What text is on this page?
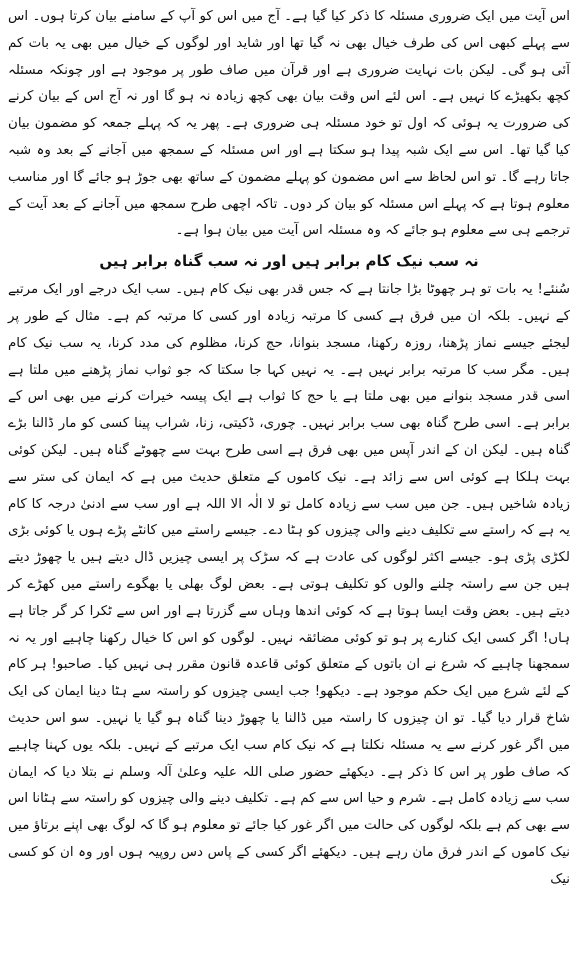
اس آیت میں ایک ضروری مسئلہ کا ذکر کیا گیا ہے۔ آج میں اس کو آپ کے سامنے بیان کرتا ہوں۔ اس سے پہلے کبھی اس کی طرف خیال بھی نہ گیا تھا اور شاید اور لوگوں کے خیال میں بھی یہ بات کم آئی ہو گی۔ لیکن بات نہایت ضروری ہے اور قرآن میں صاف طور پر موجود ہے اور چونکہ مسئلہ کچھ بکھیڑے کا نہیں ہے۔ اس لئے اس وقت بیان بھی کچھ زیادہ نہ ہو گا اور نہ آج اس کے بیان کرنے کی ضرورت یہ ہوئی کہ اول تو خود مسئلہ ہی ضروری ہے۔ پھر یہ کہ پہلے جمعہ کو مضمون بیان کیا گیا تھا۔ اس سے ایک شبہ پیدا ہو سکتا ہے اور اس مسئلہ کے سمجھ میں آجانے کے بعد وہ شبہ جاتا رہے گا۔ تو اس لحاظ سے اس مضمون کو پہلے مضمون کے ساتھ بھی جوڑ ہو جائے گا اور مناسب معلوم ہوتا ہے کہ پہلے اس مسئلہ کو بیان کر دوں۔ تاکہ اچھی طرح سمجھ میں آجانے کے بعد آیت کے ترجمے ہی سے معلوم ہو جائے کہ وہ مسئلہ اس آیت میں بیان ہوا ہے۔

نہ سب نیک کام برابر ہیں اور نہ سب گناہ برابر ہیں

سُنئے! یہ بات تو ہر چھوٹا بڑا جانتا ہے کہ جس قدر بھی نیک کام ہیں۔ سب ایک درجے اور ایک مرتبے کے نہیں۔ بلکہ ان میں فرق ہے کسی کا مرتبہ زیادہ اور کسی کا مرتبہ کم ہے۔ مثال کے طور پر لیجئے جیسے نماز پڑھنا، روزہ رکھنا، مسجد بنوانا، حج کرنا، مظلوم کی مدد کرنا، یہ سب نیک کام ہیں۔ مگر سب کا مرتبہ برابر نہیں ہے۔ یہ نہیں کہا جا سکتا کہ جو ثواب نماز پڑھنے میں ملتا ہے اسی قدر مسجد بنوانے میں بھی ملتا ہے یا حج کا ثواب ہے ایک پیسہ خیرات کرنے میں بھی اس کے برابر ہے۔ اسی طرح گناہ بھی سب برابر نہیں۔ چوری، ڈکیتی، زنا، شراب پینا کسی کو مار ڈالنا بڑے گناہ ہیں۔ لیکن ان کے اندر آپس میں بھی فرق ہے اسی طرح بہت سے چھوٹے گناہ ہیں۔ لیکن کوئی بہت ہلکا ہے کوئی اس سے زائد ہے۔ نیک کاموں کے متعلق حدیث میں ہے کہ ایمان کی ستر سے زیادہ شاخیں ہیں۔ جن میں سب سے زیادہ کامل تو لا الٰہ الا اللہ ہے اور سب سے ادنیٰ درجہ کا کام یہ ہے کہ راستے سے تکلیف دینے والی چیزوں کو ہٹا دے۔ جیسے راستے میں کانٹے پڑے ہوں یا کوئی بڑی لکڑی پڑی ہو۔ جیسے اکثر لوگوں کی عادت ہے کہ سڑک پر ایسی چیزیں ڈال دیتے ہیں یا چھوڑ دیتے ہیں جن سے راستہ چلنے والوں کو تکلیف ہوتی ہے۔ بعض لوگ بھلی یا بھگوے راستے میں کھڑے کر دیتے ہیں۔ بعض وقت ایسا ہوتا ہے کہ کوئی اندھا وہاں سے گزرتا ہے اور اس سے ٹکرا کر گر جاتا ہے ہاں! اگر کسی ایک کنارے پر ہو تو کوئی مضائقہ نہیں۔ لوگوں کو اس کا خیال رکھنا چاہیے اور یہ نہ سمجھنا چاہیے کہ شرع نے ان باتوں کے متعلق کوئی قاعدہ قانون مقرر ہی نہیں کیا۔ صاحبو! ہر کام کے لئے شرع میں ایک حکم موجود ہے۔ دیکھو! جب ایسی چیزوں کو راستہ سے ہٹا دینا ایمان کی ایک شاخ قرار دیا گیا۔ تو ان چیزوں کا راستہ میں ڈالنا یا چھوڑ دینا گناہ ہو گیا یا نہیں۔ سو اس حدیث میں اگر غور کرنے سے یہ مسئلہ نکلتا ہے کہ نیک کام سب ایک مرتبے کے نہیں۔ بلکہ یوں کہنا چاہیے کہ صاف طور پر اس کا ذکر ہے۔ دیکھئے حضور صلی اللہ علیہ وعلیٰ آلہ وسلم نے بتلا دیا کہ ایمان سب سے زیادہ کامل ہے۔ شرم و حیا اس سے کم ہے۔ تکلیف دینے والی چیزوں کو راستہ سے ہٹانا اس سے بھی کم ہے بلکہ لوگوں کی حالت میں اگر غور کیا جائے تو معلوم ہو گا کہ لوگ بھی اپنے برتاؤ میں نیک کاموں کے اندر فرق مان رہے ہیں۔ دیکھئے اگر کسی کے پاس دس روپیہ ہوں اور وہ ان کو کسی نیک
